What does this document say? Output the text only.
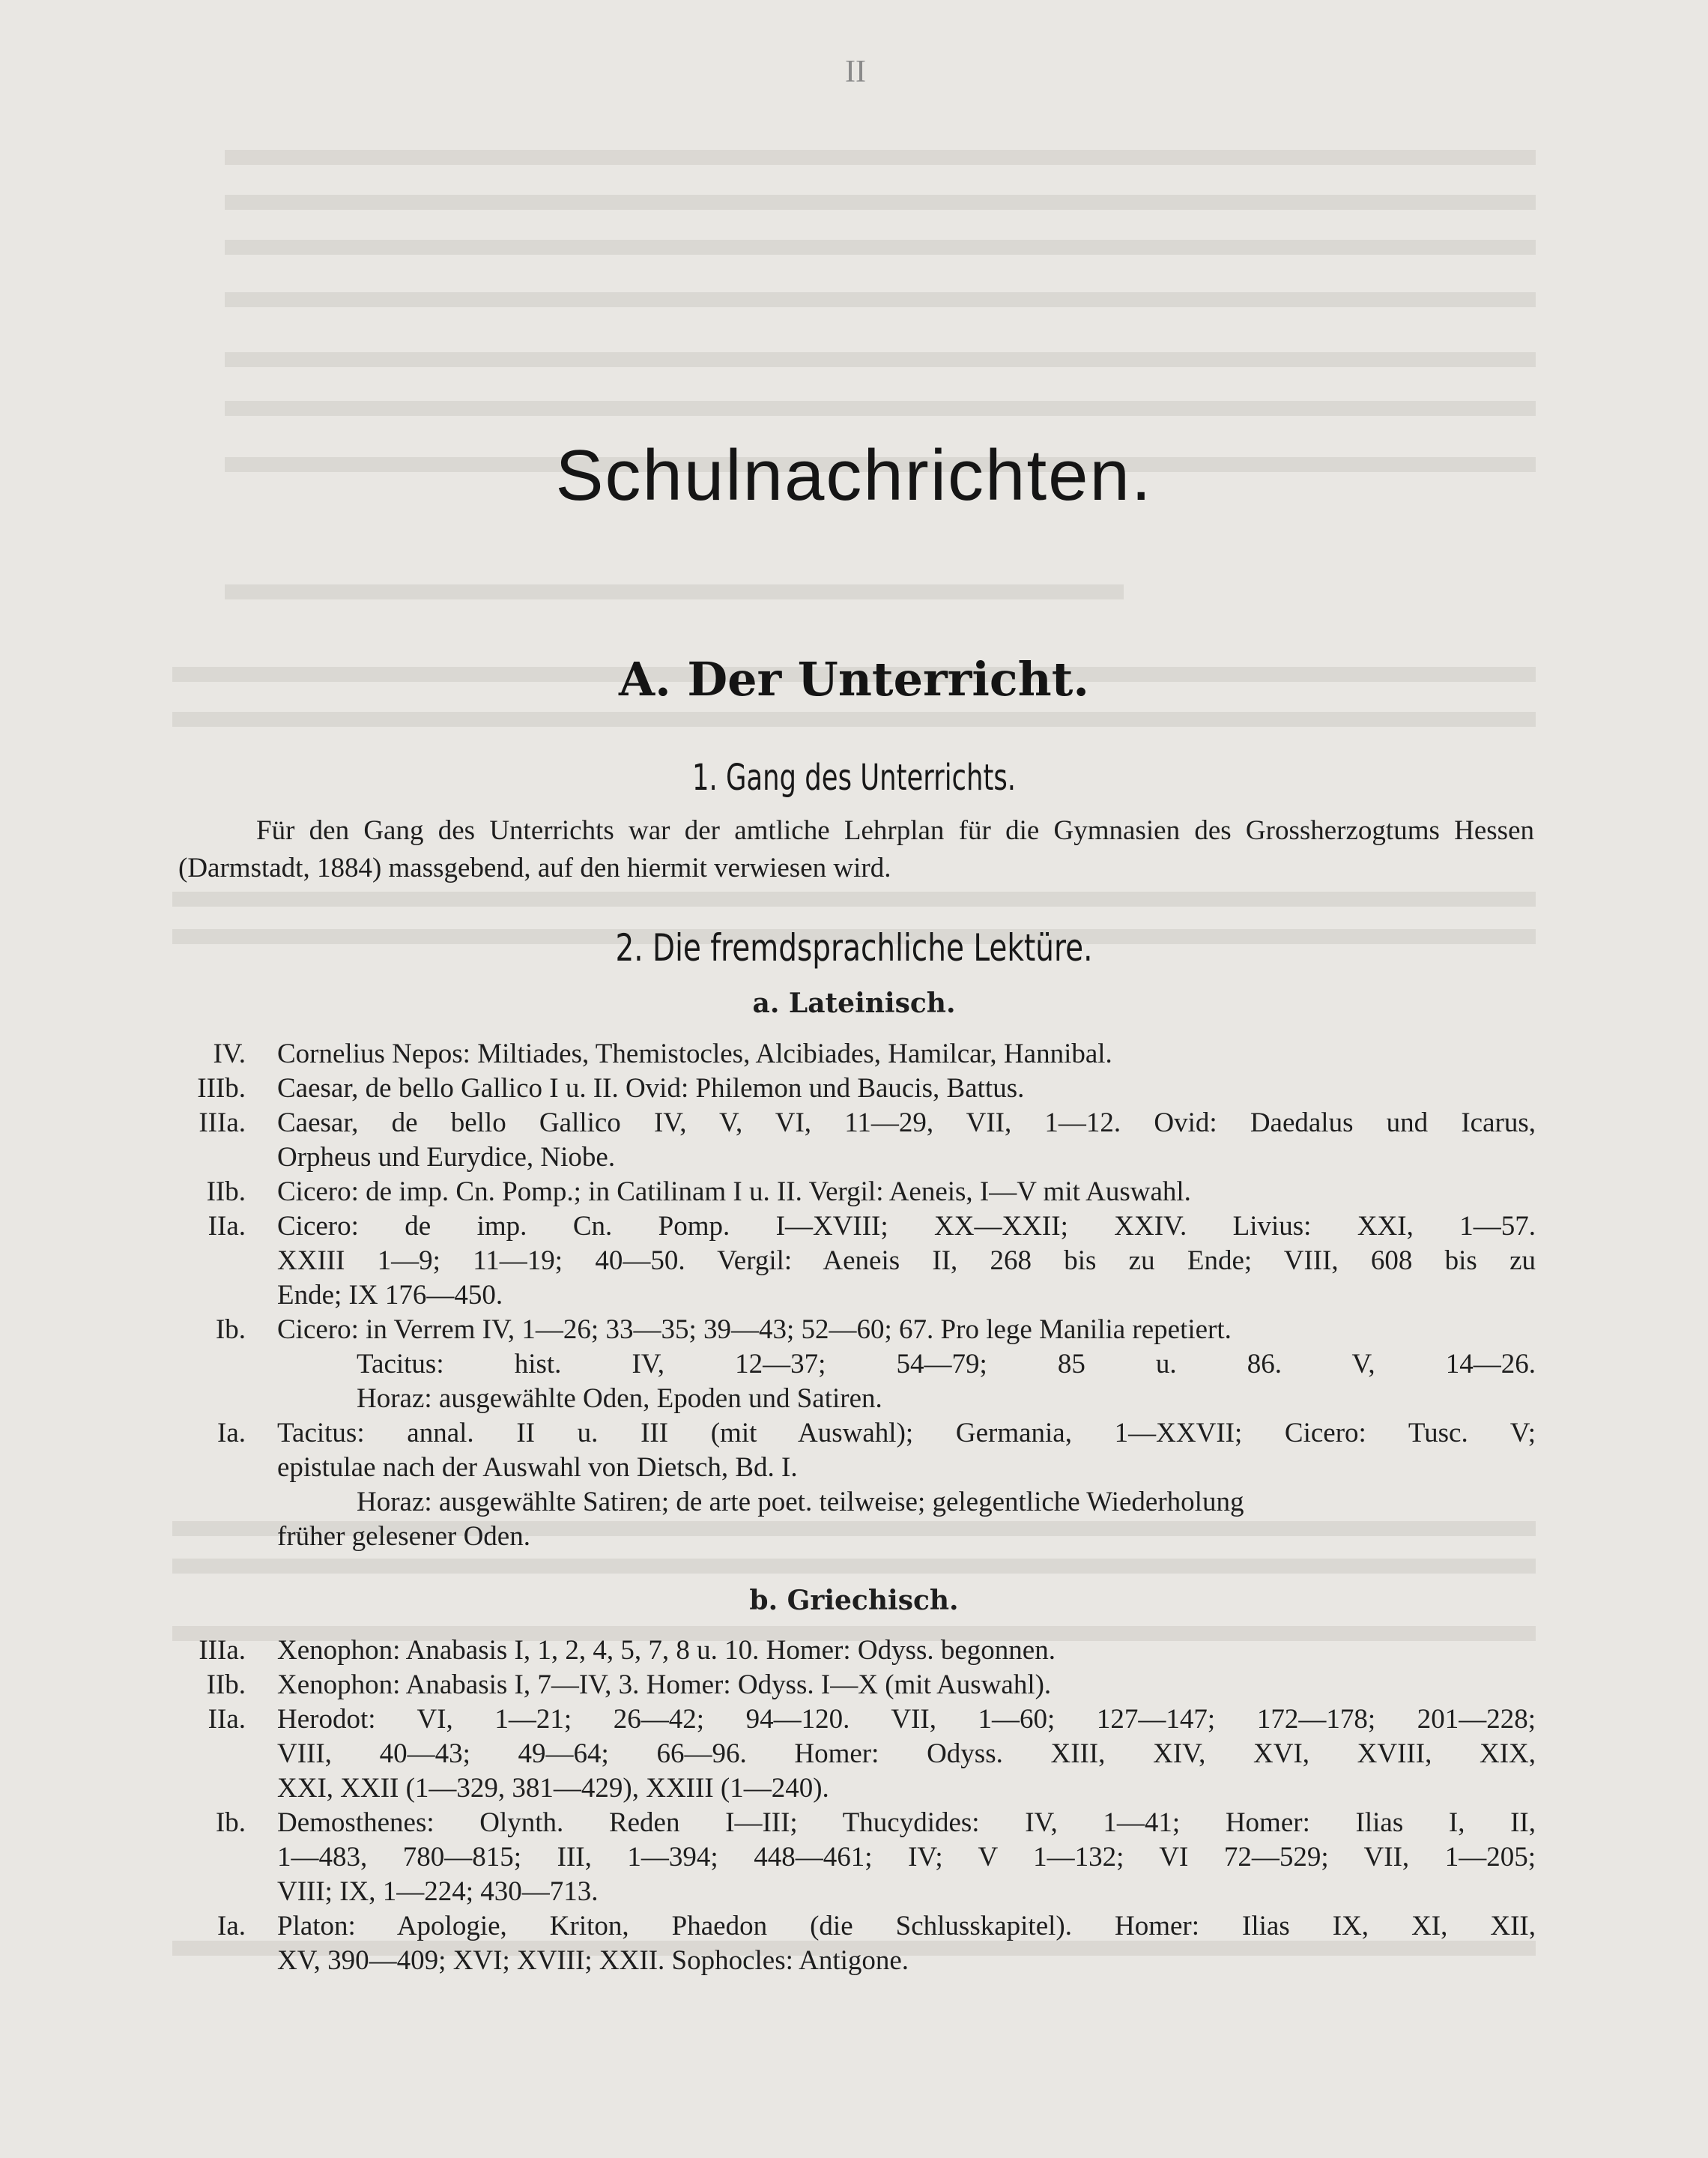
II
Schulnachrichten.
A. Der Unterricht.
1. Gang des Unterrichts.
Für den Gang des Unterrichts war der amtliche Lehrplan für die Gymnasien des Grossherzogtums Hessen (Darmstadt, 1884) massgebend, auf den hiermit verwiesen wird.
2. Die fremdsprachliche Lektüre.
a. Lateinisch.
IV. Cornelius Nepos: Miltiades, Themistocles, Alcibiades, Hamilcar, Hannibal.
IIIb. Caesar, de bello Gallico I u. II. Ovid: Philemon und Baucis, Battus.
IIIa. Caesar, de bello Gallico IV, V, VI, 11—29, VII, 1—12. Ovid: Daedalus und Icarus,
Orpheus und Eurydice, Niobe.
IIb. Cicero: de imp. Cn. Pomp.; in Catilinam I u. II. Vergil: Aeneis, I—V mit Auswahl.
IIa. Cicero: de imp. Cn. Pomp. I—XVIII; XX—XXII; XXIV. Livius: XXI, 1—57.
XXIII 1—9; 11—19; 40—50. Vergil: Aeneis II, 268 bis zu Ende; VIII, 608 bis zu
Ende; IX 176—450.
Ib. Cicero: in Verrem IV, 1—26; 33—35; 39—43; 52—60; 67. Pro lege Manilia repetiert.
Tacitus: hist. IV, 12—37; 54—79; 85 u. 86. V, 14—26.
Horaz: ausgewählte Oden, Epoden und Satiren.
Ia. Tacitus: annal. II u. III (mit Auswahl); Germania, 1—XXVII; Cicero: Tusc. V;
epistulae nach der Auswahl von Dietsch, Bd. I.
Horaz: ausgewählte Satiren; de arte poet. teilweise; gelegentliche Wiederholung
früher gelesener Oden.
b. Griechisch.
IIIa. Xenophon: Anabasis I, 1, 2, 4, 5, 7, 8 u. 10. Homer: Odyss. begonnen.
IIb. Xenophon: Anabasis I, 7—IV, 3. Homer: Odyss. I—X (mit Auswahl).
IIa. Herodot: VI, 1—21; 26—42; 94—120. VII, 1—60; 127—147; 172—178; 201—228;
VIII, 40—43; 49—64; 66—96. Homer: Odyss. XIII, XIV, XVI, XVIII, XIX,
XXI, XXII (1—329, 381—429), XXIII (1—240).
Ib. Demosthenes: Olynth. Reden I—III; Thucydides: IV, 1—41; Homer: Ilias I, II,
1—483, 780—815; III, 1—394; 448—461; IV; V 1—132; VI 72—529; VII, 1—205;
VIII; IX, 1—224; 430—713.
Ia. Platon: Apologie, Kriton, Phaedon (die Schlusskapitel). Homer: Ilias IX, XI, XII,
XV, 390—409; XVI; XVIII; XXII. Sophocles: Antigone.
